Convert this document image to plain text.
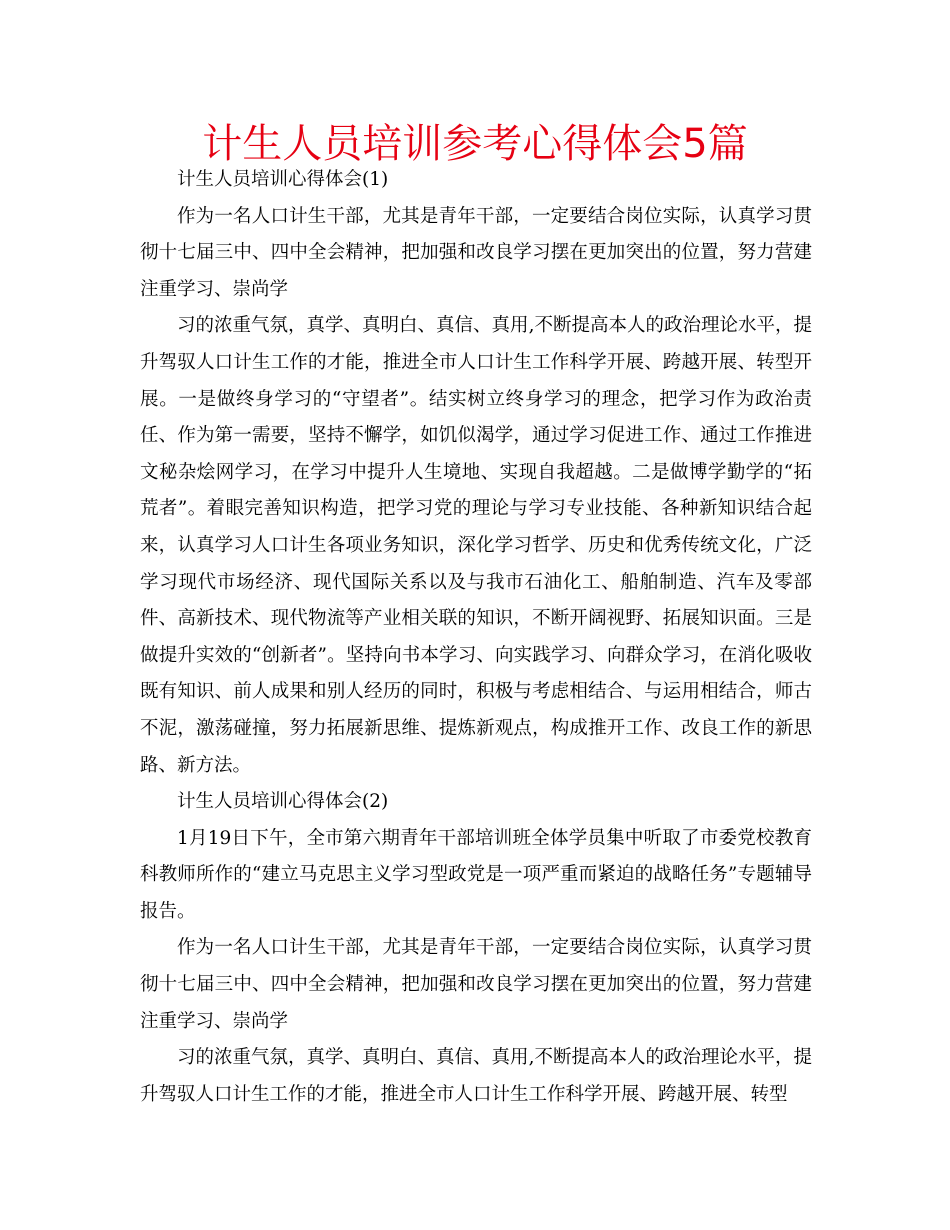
计生人员培训参考心得体会5篇

计生人员培训心得体会(1)

作为一名人口计生干部，尤其是青年干部，一定要结合岗位实际，认真学习贯彻十七届三中、四中全会精神，把加强和改良学习摆在更加突出的位置，努力营建注重学习、崇尚学

习的浓重气氛，真学、真明白、真信、真用,不断提高本人的政治理论水平，提升驾驭人口计生工作的才能，推进全市人口计生工作科学开展、跨越开展、转型开展。一是做终身学习的“守望者”。结实树立终身学习的理念，把学习作为政治责任、作为第一需要，坚持不懈学，如饥似渴学，通过学习促进工作、通过工作推进文秘杂烩网学习，在学习中提升人生境地、实现自我超越。二是做博学勤学的“拓荒者”。着眼完善知识构造，把学习党的理论与学习专业技能、各种新知识结合起来，认真学习人口计生各项业务知识，深化学习哲学、历史和优秀传统文化，广泛学习现代市场经济、现代国际关系以及与我市石油化工、船舶制造、汽车及零部件、高新技术、现代物流等产业相关联的知识，不断开阔视野、拓展知识面。三是做提升实效的“创新者”。坚持向书本学习、向实践学习、向群众学习，在消化吸收既有知识、前人成果和别人经历的同时，积极与考虑相结合、与运用相结合，师古不泥，激荡碰撞，努力拓展新思维、提炼新观点，构成推开工作、改良工作的新思路、新方法。

计生人员培训心得体会(2)

1月19日下午，全市第六期青年干部培训班全体学员集中听取了市委党校教育科教师所作的“建立马克思主义学习型政党是一项严重而紧迫的战略任务”专题辅导报告。

作为一名人口计生干部，尤其是青年干部，一定要结合岗位实际，认真学习贯彻十七届三中、四中全会精神，把加强和改良学习摆在更加突出的位置，努力营建注重学习、崇尚学

习的浓重气氛，真学、真明白、真信、真用,不断提高本人的政治理论水平，提升驾驭人口计生工作的才能，推进全市人口计生工作科学开展、跨越开展、转型
